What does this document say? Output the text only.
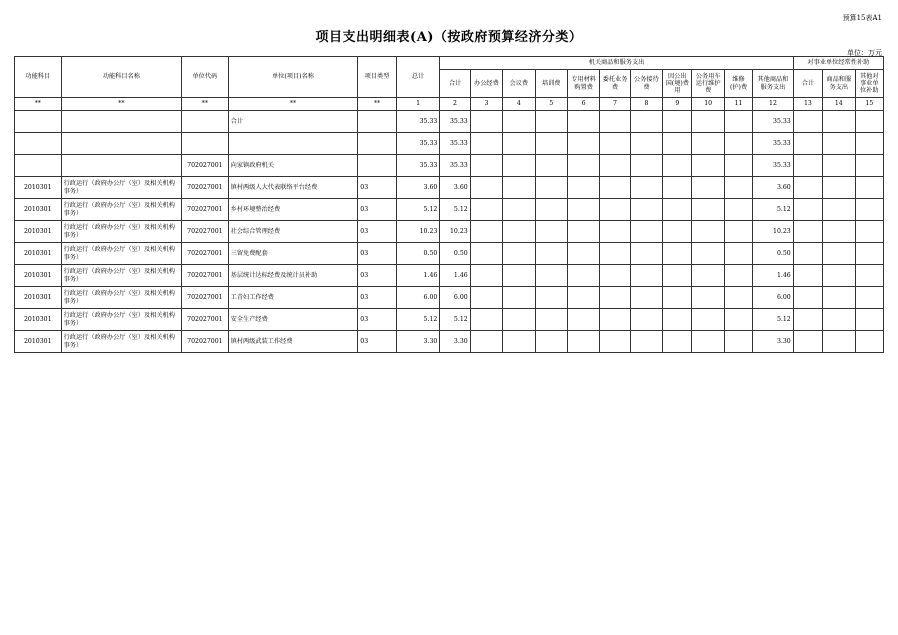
预算15表A1
项目支出明细表(A)（按政府预算经济分类）
单位：万元
功能科目	功能科目名称	单位代码	单位(项目)名称	项目类型	总计	机关商品和服务支出											对事业单位经常性补助		
						合计	办公经费	会议费	培训费	专用材料购置费	委托业务费	公务接待费	因公出国(境)费用	公务用车运行维护费	维修(护)费	其他商品和服务支出	合计	商品和服务支出	其他对事业单位补助
**	**	**	**	**	1	2	3	4	5	6	7	8	9	10	11	12	13	14	15
			合计		35.33	35.33										35.33			
					35.33	35.33										35.33			
		702027001	向家镇政府机关		35.33	35.33										35.33			
2010301	行政运行（政府办公厅（室）及相关机构事务）	702027001	镇村两级人大代表联络平台经费	03	3.60	3.60										3.60			
2010301	行政运行（政府办公厅（室）及相关机构事务）	702027001	乡村环境整治经费	03	5.12	5.12										5.12			
2010301	行政运行（政府办公厅（室）及相关机构事务）	702027001	社会综合管理经费	03	10.23	10.23										10.23			
2010301	行政运行（政府办公厅（室）及相关机构事务）	702027001	三留免费配套	03	0.50	0.50										0.50			
2010301	行政运行（政府办公厅（室）及相关机构事务）	702027001	基层统计达标经费及统计员补助	03	1.46	1.46										1.46			
2010301	行政运行（政府办公厅（室）及相关机构事务）	702027001	工青妇工作经费	03	6.00	6.00										6.00			
2010301	行政运行（政府办公厅（室）及相关机构事务）	702027001	安全生产经费	03	5.12	5.12										5.12			
2010301	行政运行（政府办公厅（室）及相关机构事务）	702027001	镇村两级武装工作经费	03	3.30	3.30										3.30			
